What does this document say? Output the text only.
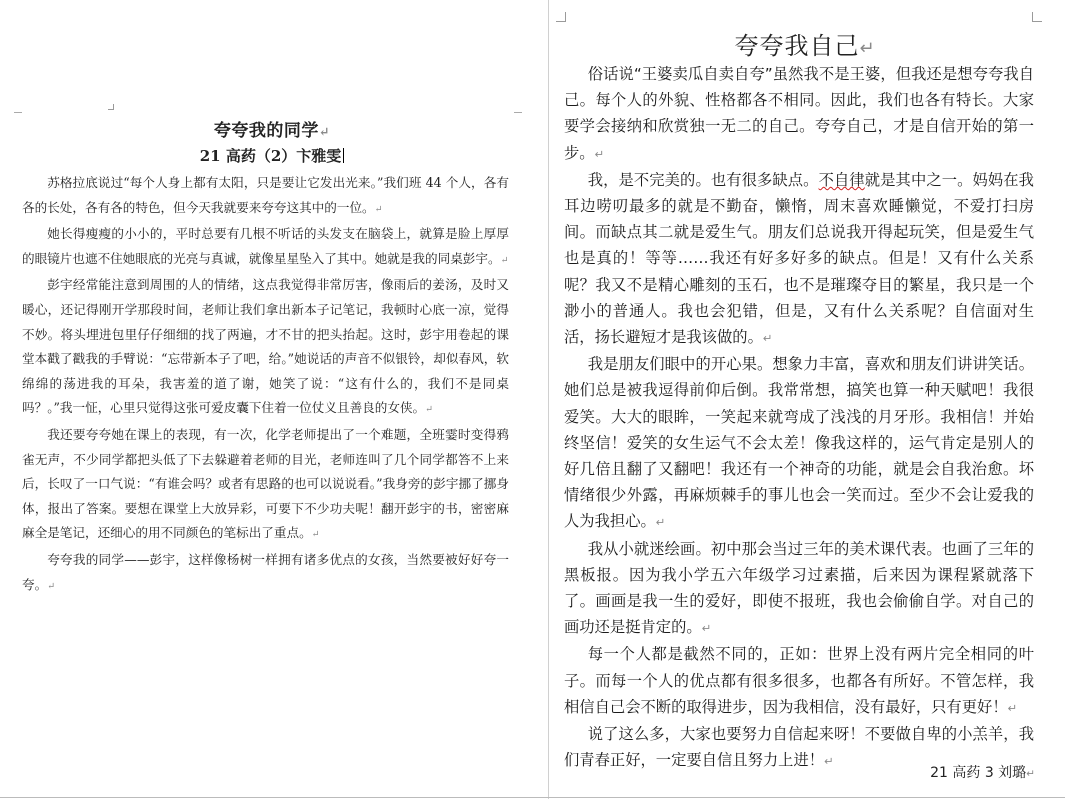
夸夸我的同学↵
21 高药（2）卞雅雯

苏格拉底说过“每个人身上都有太阳，只是要让它发出光来。”我们班 44 个人，各有各的长处，各有各的特色，但今天我就要来夸夸这其中的一位。↵

她长得瘦瘦的小小的，平时总要有几根不听话的头发支在脑袋上，就算是脸上厚厚的眼镜片也遮不住她眼底的光亮与真诚，就像星星坠入了其中。她就是我的同桌彭宇。↵

彭宇经常能注意到周围的人的情绪，这点我觉得非常厉害，像雨后的姜汤，及时又暖心，还记得刚开学那段时间，老师让我们拿出新本子记笔记，我顿时心底一凉，觉得不妙。将头埋进包里仔仔细细的找了两遍，才不甘的把头抬起。这时，彭宇用卷起的课堂本戳了戳我的手臂说：“忘带新本子了吧，给。”她说话的声音不似银铃，却似春风，软绵绵的荡进我的耳朵，我害羞的道了谢，她笑了说：“这有什么的，我们不是同桌吗？。”我一怔，心里只觉得这张可爱皮囊下住着一位仗义且善良的女侠。↵

我还要夸夸她在课上的表现，有一次，化学老师提出了一个难题，全班霎时变得鸦雀无声，不少同学都把头低了下去躲避着老师的目光，老师连叫了几个同学都答不上来后，长叹了一口气说：“有谁会吗？或者有思路的也可以说说看。”我身旁的彭宇挪了挪身体，报出了答案。要想在课堂上大放异彩，可要下不少功夫呢！翻开彭宇的书，密密麻麻全是笔记，还细心的用不同颜色的笔标出了重点。↵

夸夸我的同学——彭宇，这样像杨树一样拥有诸多优点的女孩，当然要被好好夸一夸。↵

夸夸我自己↵

俗话说“王婆卖瓜自卖自夸”虽然我不是王婆，但我还是想夸夸我自己。每个人的外貌、性格都各不相同。因此，我们也各有特长。大家要学会接纳和欣赏独一无二的自己。夸夸自己，才是自信开始的第一步。↵

我，是不完美的。也有很多缺点。不自律就是其中之一。妈妈在我耳边唠叨最多的就是不勤奋，懒惰，周末喜欢睡懒觉，不爱打扫房间。而缺点其二就是爱生气。朋友们总说我开得起玩笑，但是爱生气也是真的！等等……我还有好多好多的缺点。但是！又有什么关系呢？我又不是精心雕刻的玉石，也不是璀璨夺目的繁星，我只是一个渺小的普通人。我也会犯错，但是，又有什么关系呢？自信面对生活，扬长避短才是我该做的。↵

我是朋友们眼中的开心果。想象力丰富，喜欢和朋友们讲讲笑话。她们总是被我逗得前仰后倒。我常常想，搞笑也算一种天赋吧！我很爱笑。大大的眼眸，一笑起来就弯成了浅浅的月牙形。我相信！并始终坚信！爱笑的女生运气不会太差！像我这样的，运气肯定是别人的好几倍且翻了又翻吧！我还有一个神奇的功能，就是会自我治愈。坏情绪很少外露，再麻烦棘手的事儿也会一笑而过。至少不会让爱我的人为我担心。↵

我从小就迷绘画。初中那会当过三年的美术课代表。也画了三年的黑板报。因为我小学五六年级学习过素描，后来因为课程紧就落下了。画画是我一生的爱好，即使不报班，我也会偷偷自学。对自己的画功还是挺肯定的。↵

每一个人都是截然不同的，正如：世界上没有两片完全相同的叶子。而每一个人的优点都有很多很多，也都各有所好。不管怎样，我相信自己会不断的取得进步，因为我相信，没有最好，只有更好！↵

说了这么多，大家也要努力自信起来呀！不要做自卑的小羔羊，我们青春正好，一定要自信且努力上进！↵

21 高药 3 刘璐↵
